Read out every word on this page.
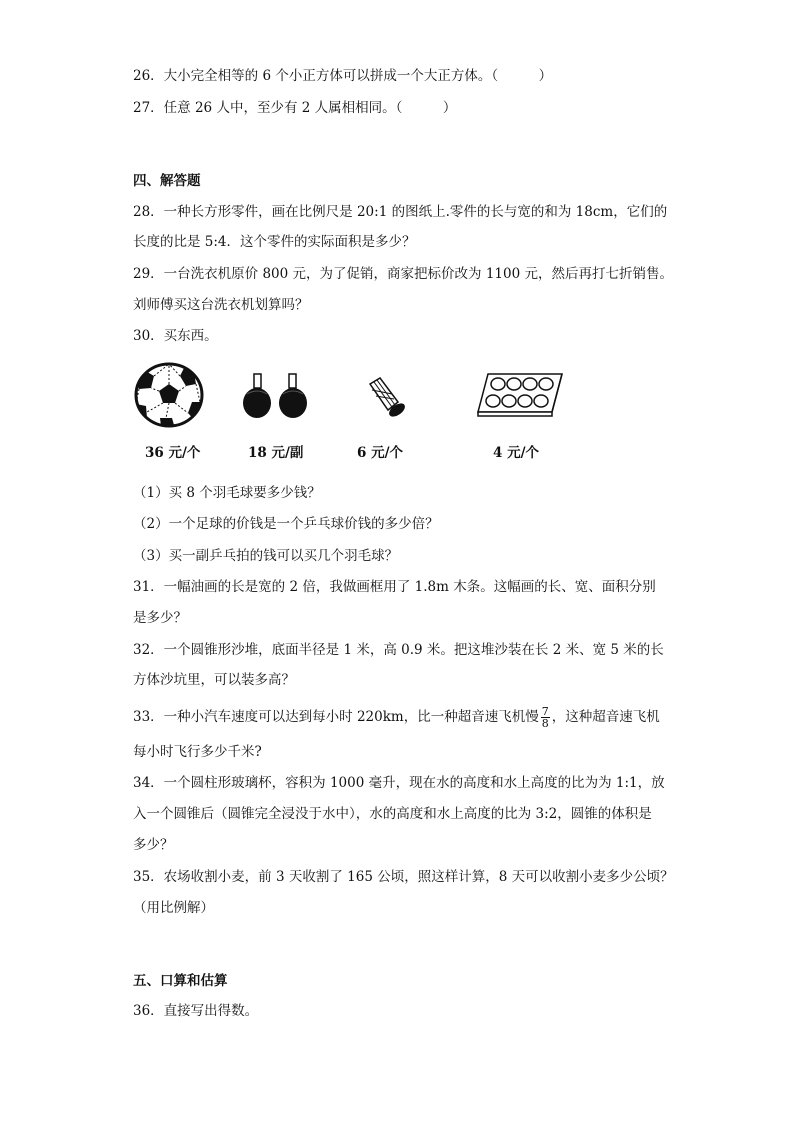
26．大小完全相等的 6 个小正方体可以拼成一个大正方体。（　　　）
27．任意 26 人中，至少有 2 人属相相同。（　　　）
四、解答题
28．一种长方形零件，画在比例尺是 20:1 的图纸上.零件的长与宽的和为 18cm，它们的
长度的比是 5:4．这个零件的实际面积是多少？
29．一台洗衣机原价 800 元，为了促销，商家把标价改为 1100 元，然后再打七折销售。
刘师傅买这台洗衣机划算吗？
30．买东西。
36 元/个	18 元/副	6 元/个	4 元/个
（1）买 8 个羽毛球要多少钱？
（2）一个足球的价钱是一个乒乓球价钱的多少倍？
（3）买一副乒乓拍的钱可以买几个羽毛球？
31．一幅油画的长是宽的 2 倍，我做画框用了 1.8m 木条。这幅画的长、宽、面积分别
是多少？
32．一个圆锥形沙堆，底面半径是 1 米，高 0.9 米。把这堆沙装在长 2 米、宽 5 米的长
方体沙坑里，可以装多高？
33．一种小汽车速度可以达到每小时 220km，比一种超音速飞机慢 $\frac{7}{8}$ ，这种超音速飞机
每小时飞行多少千米?
34．一个圆柱形玻璃杯，容积为 1000 毫升，现在水的高度和水上高度的比为为 1:1，放
入一个圆锥后（圆锥完全浸没于水中），水的高度和水上高度的比为 3:2，圆锥的体积是
多少？
35．农场收割小麦，前 3 天收割了 165 公顷，照这样计算，8 天可以收割小麦多少公顷？
（用比例解）
五、口算和估算
36．直接写出得数。
